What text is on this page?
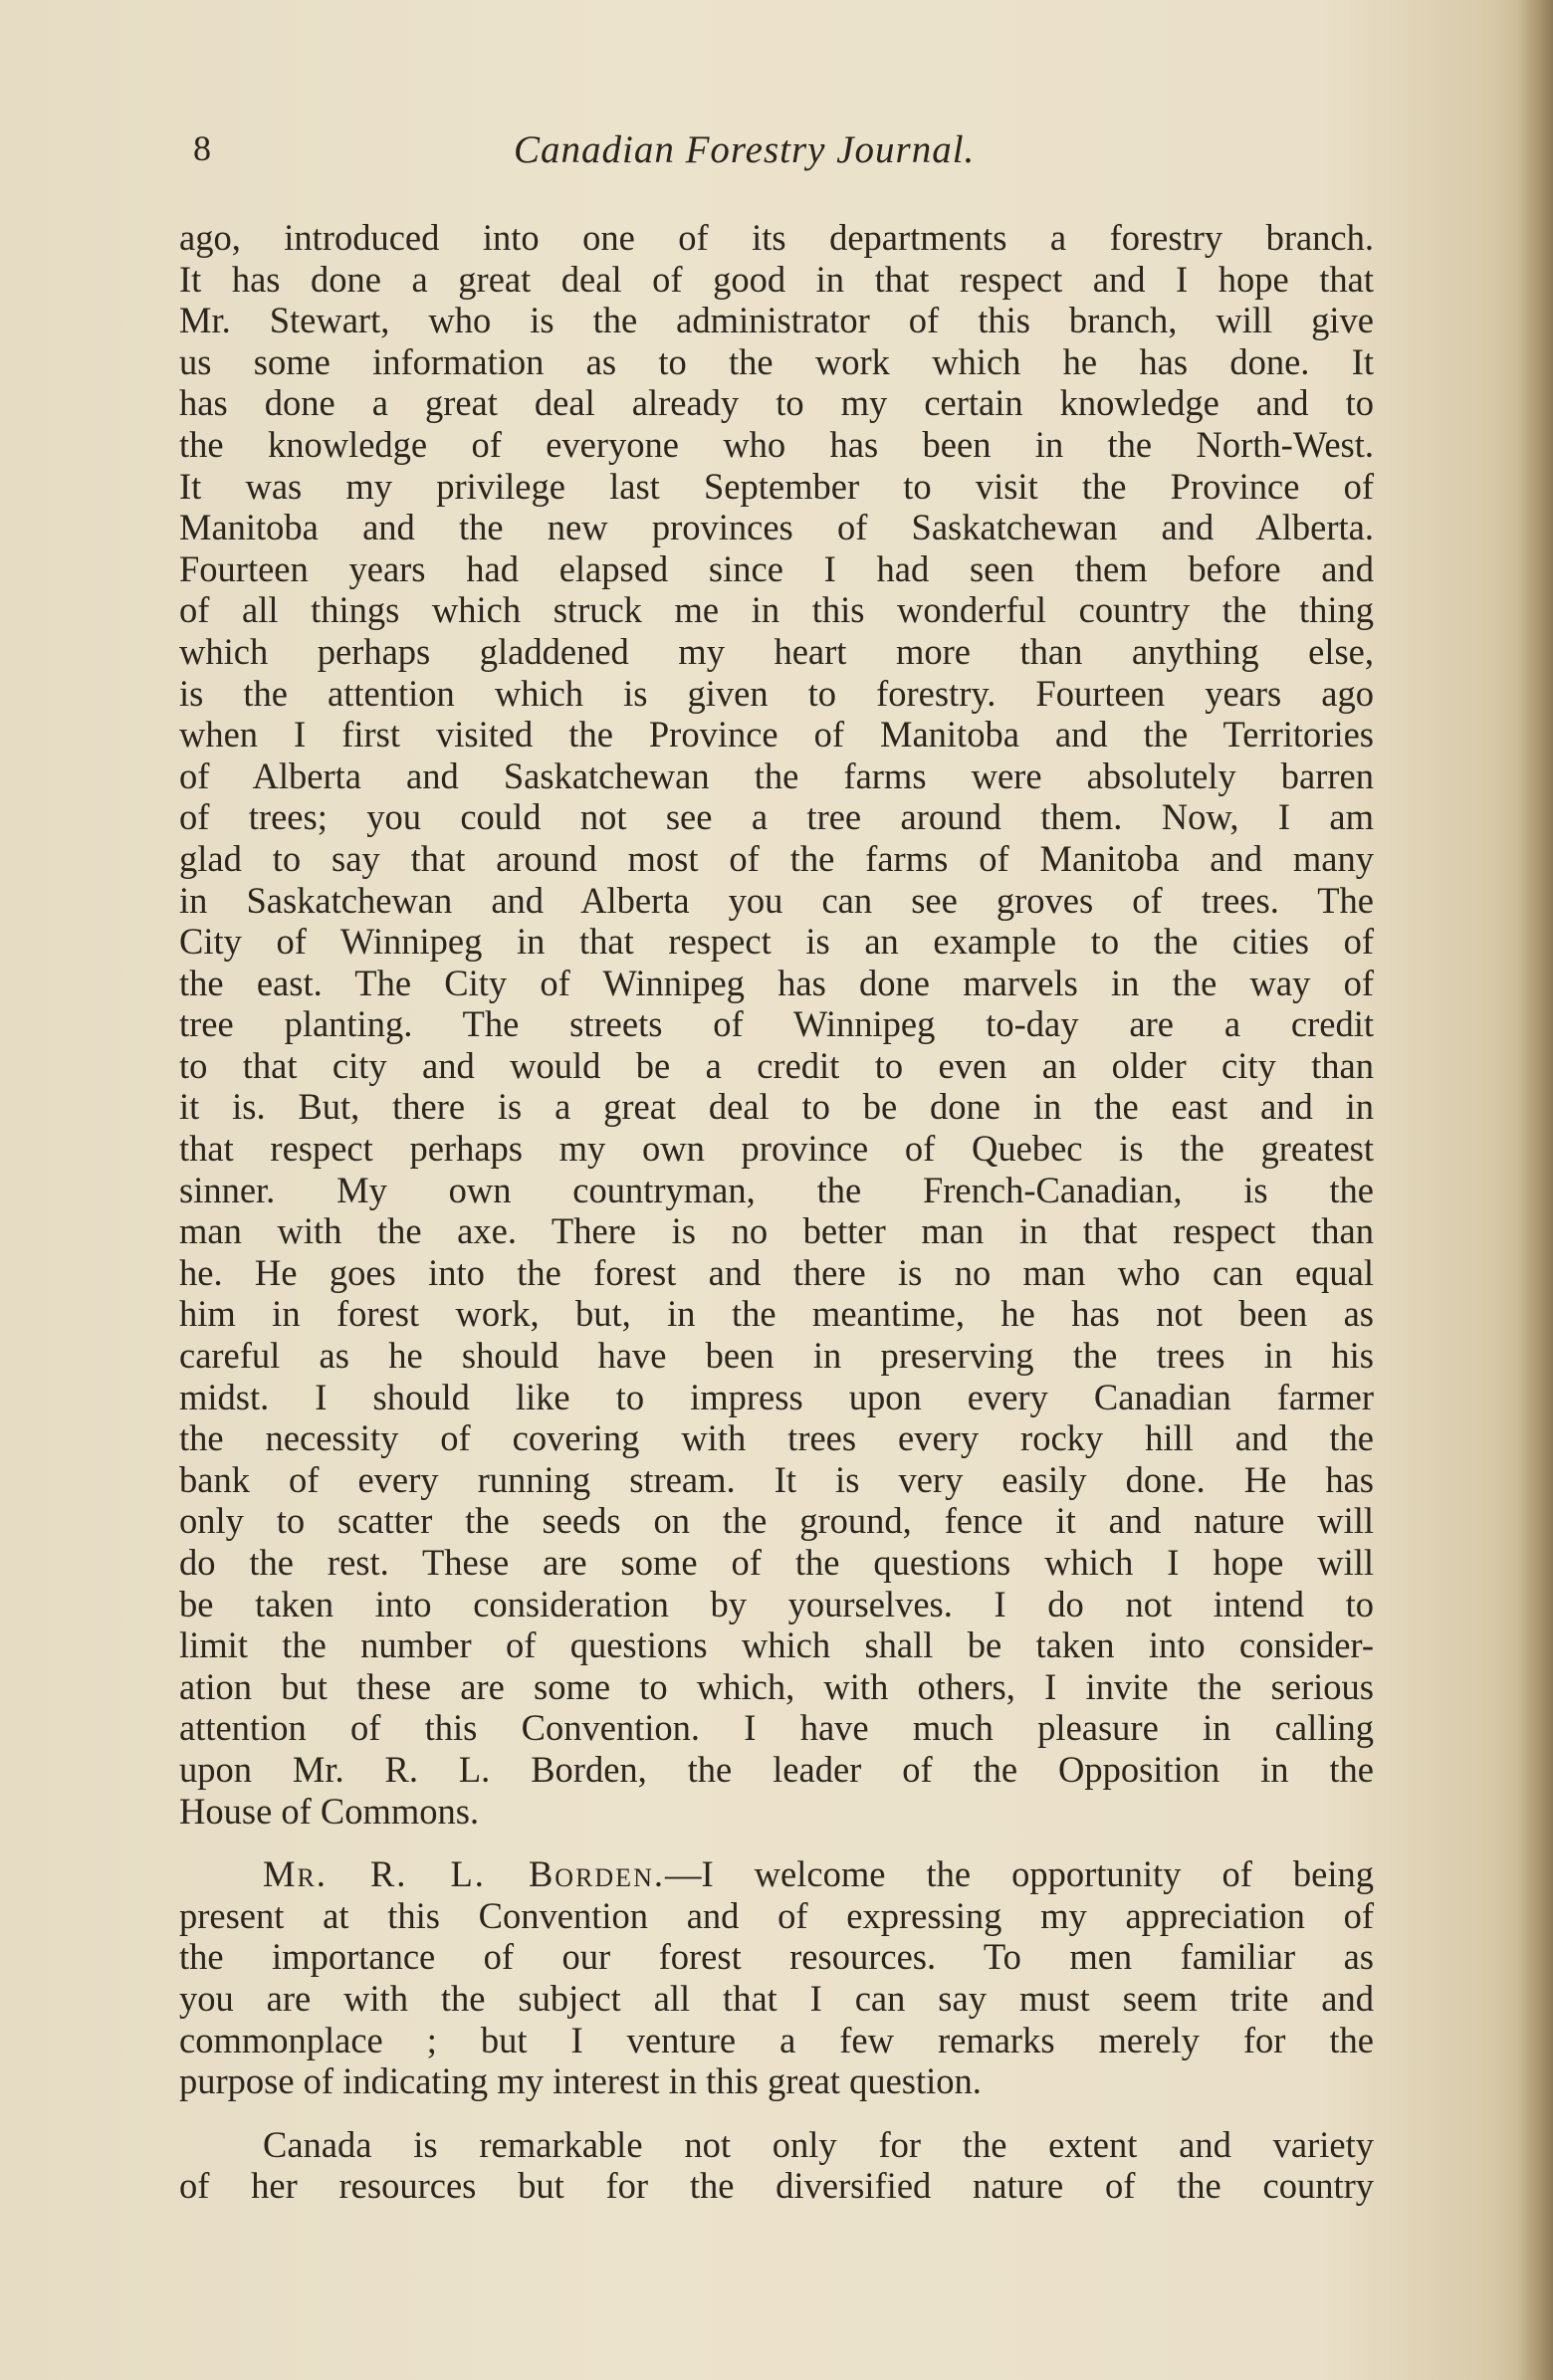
8	Canadian Forestry Journal.
ago, introduced into one of its departments a forestry branch.
It has done a great deal of good in that respect and I hope that
Mr. Stewart, who is the administrator of this branch, will give
us some information as to the work which he has done. It
has done a great deal already to my certain knowledge and to
the knowledge of everyone who has been in the North-West.
It was my privilege last September to visit the Province of
Manitoba and the new provinces of Saskatchewan and Alberta.
Fourteen years had elapsed since I had seen them before and
of all things which struck me in this wonderful country the thing
which perhaps gladdened my heart more than anything else,
is the attention which is given to forestry. Fourteen years ago
when I first visited the Province of Manitoba and the Territories
of Alberta and Saskatchewan the farms were absolutely barren
of trees; you could not see a tree around them. Now, I am
glad to say that around most of the farms of Manitoba and many
in Saskatchewan and Alberta you can see groves of trees. The
City of Winnipeg in that respect is an example to the cities of
the east. The City of Winnipeg has done marvels in the way of
tree planting. The streets of Winnipeg to-day are a credit
to that city and would be a credit to even an older city than
it is. But, there is a great deal to be done in the east and in
that respect perhaps my own province of Quebec is the greatest
sinner. My own countryman, the French-Canadian, is the
man with the axe. There is no better man in that respect than
he. He goes into the forest and there is no man who can equal
him in forest work, but, in the meantime, he has not been as
careful as he should have been in preserving the trees in his
midst. I should like to impress upon every Canadian farmer
the necessity of covering with trees every rocky hill and the
bank of every running stream. It is very easily done. He has
only to scatter the seeds on the ground, fence it and nature will
do the rest. These are some of the questions which I hope will
be taken into consideration by yourselves. I do not intend to
limit the number of questions which shall be taken into consider-
ation but these are some to which, with others, I invite the serious
attention of this Convention. I have much pleasure in calling
upon Mr. R. L. Borden, the leader of the Opposition in the
House of Commons.
Mr. R. L. Borden.—I welcome the opportunity of being
present at this Convention and of expressing my appreciation of
the importance of our forest resources. To men familiar as
you are with the subject all that I can say must seem trite and
commonplace ; but I venture a few remarks merely for the
purpose of indicating my interest in this great question.
Canada is remarkable not only for the extent and variety
of her resources but for the diversified nature of the country
